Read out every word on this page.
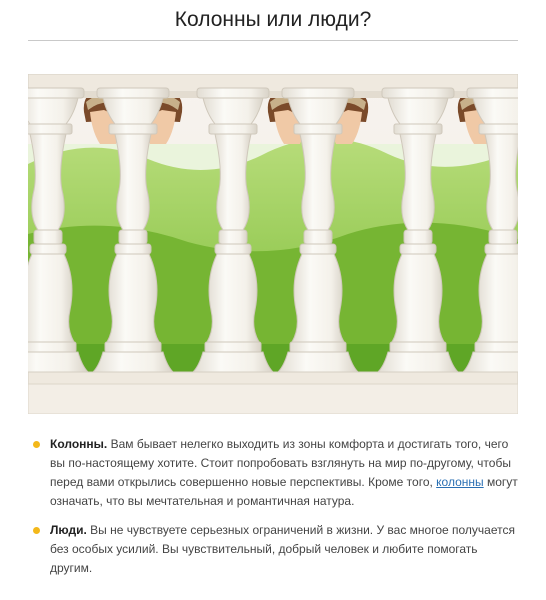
Колонны или люди?
Колонны. Вам бывает нелегко выходить из зоны комфорта и достигать того, чего вы по-настоящему хотите. Стоит попробовать взглянуть на мир по-другому, чтобы перед вами открылись совершенно новые перспективы. Кроме того, колонны могут означать, что вы мечтательная и романтичная натура.
Люди. Вы не чувствуете серьезных ограничений в жизни. У вас многое получается без особых усилий. Вы чувствительный, добрый человек и любите помогать другим.
